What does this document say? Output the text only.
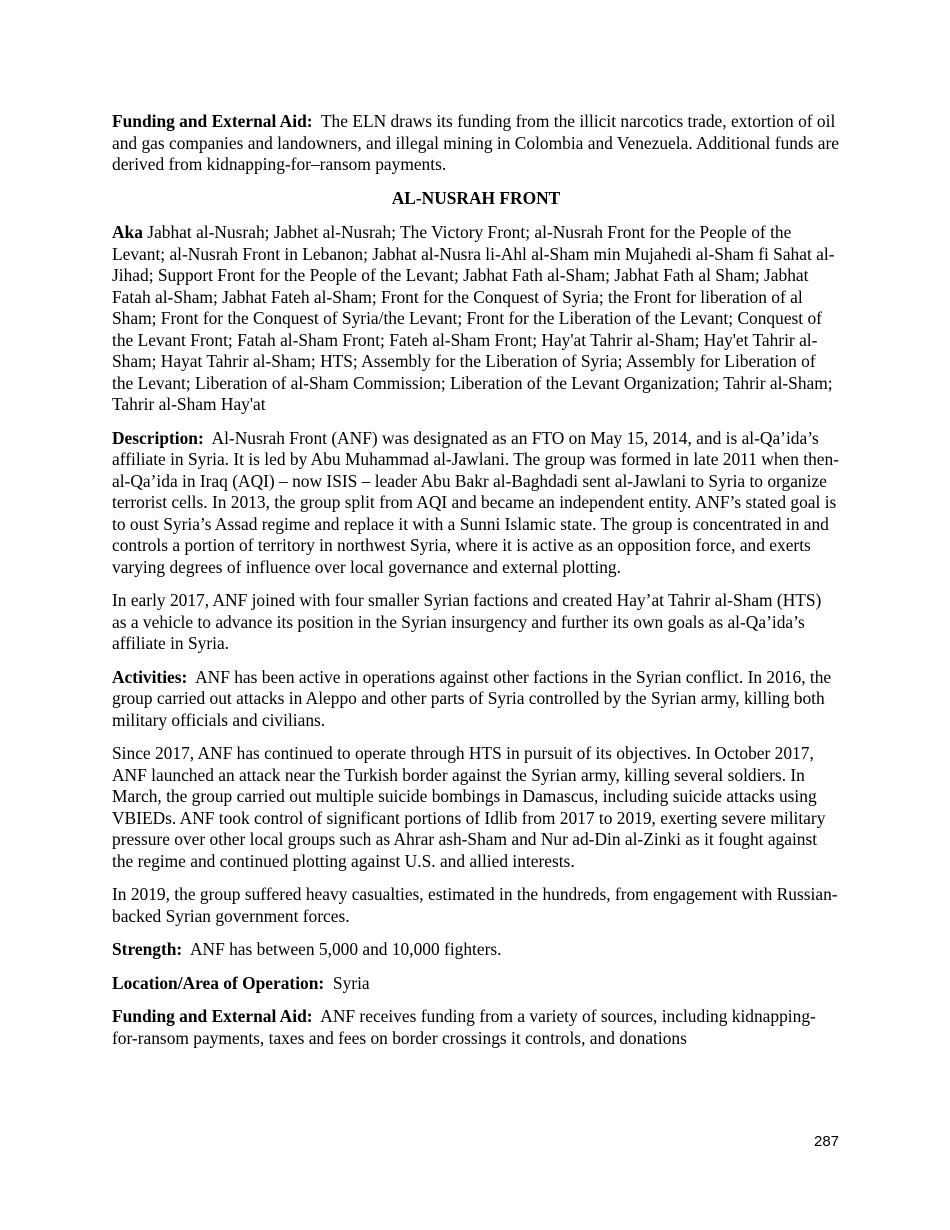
Funding and External Aid: The ELN draws its funding from the illicit narcotics trade, extortion of oil and gas companies and landowners, and illegal mining in Colombia and Venezuela. Additional funds are derived from kidnapping-for–ransom payments.

AL-NUSRAH FRONT

Aka Jabhat al-Nusrah; Jabhet al-Nusrah; The Victory Front; al-Nusrah Front for the People of the Levant; al-Nusrah Front in Lebanon; Jabhat al-Nusra li-Ahl al-Sham min Mujahedi al-Sham fi Sahat al-Jihad; Support Front for the People of the Levant; Jabhat Fath al-Sham; Jabhat Fath al Sham; Jabhat Fatah al-Sham; Jabhat Fateh al-Sham; Front for the Conquest of Syria; the Front for liberation of al Sham; Front for the Conquest of Syria/the Levant; Front for the Liberation of the Levant; Conquest of the Levant Front; Fatah al-Sham Front; Fateh al-Sham Front; Hay'at Tahrir al-Sham; Hay'et Tahrir al-Sham; Hayat Tahrir al-Sham; HTS; Assembly for the Liberation of Syria; Assembly for Liberation of the Levant; Liberation of al-Sham Commission; Liberation of the Levant Organization; Tahrir al-Sham; Tahrir al-Sham Hay'at

Description: Al-Nusrah Front (ANF) was designated as an FTO on May 15, 2014, and is al-Qa’ida’s affiliate in Syria. It is led by Abu Muhammad al-Jawlani. The group was formed in late 2011 when then-al-Qa’ida in Iraq (AQI) – now ISIS – leader Abu Bakr al-Baghdadi sent al-Jawlani to Syria to organize terrorist cells. In 2013, the group split from AQI and became an independent entity. ANF’s stated goal is to oust Syria’s Assad regime and replace it with a Sunni Islamic state. The group is concentrated in and controls a portion of territory in northwest Syria, where it is active as an opposition force, and exerts varying degrees of influence over local governance and external plotting.

In early 2017, ANF joined with four smaller Syrian factions and created Hay’at Tahrir al-Sham (HTS) as a vehicle to advance its position in the Syrian insurgency and further its own goals as al-Qa’ida’s affiliate in Syria.

Activities: ANF has been active in operations against other factions in the Syrian conflict. In 2016, the group carried out attacks in Aleppo and other parts of Syria controlled by the Syrian army, killing both military officials and civilians.

Since 2017, ANF has continued to operate through HTS in pursuit of its objectives. In October 2017, ANF launched an attack near the Turkish border against the Syrian army, killing several soldiers. In March, the group carried out multiple suicide bombings in Damascus, including suicide attacks using VBIEDs. ANF took control of significant portions of Idlib from 2017 to 2019, exerting severe military pressure over other local groups such as Ahrar ash-Sham and Nur ad-Din al-Zinki as it fought against the regime and continued plotting against U.S. and allied interests.

In 2019, the group suffered heavy casualties, estimated in the hundreds, from engagement with Russian-backed Syrian government forces.

Strength: ANF has between 5,000 and 10,000 fighters.

Location/Area of Operation: Syria

Funding and External Aid: ANF receives funding from a variety of sources, including kidnapping-for-ransom payments, taxes and fees on border crossings it controls, and donations

287
